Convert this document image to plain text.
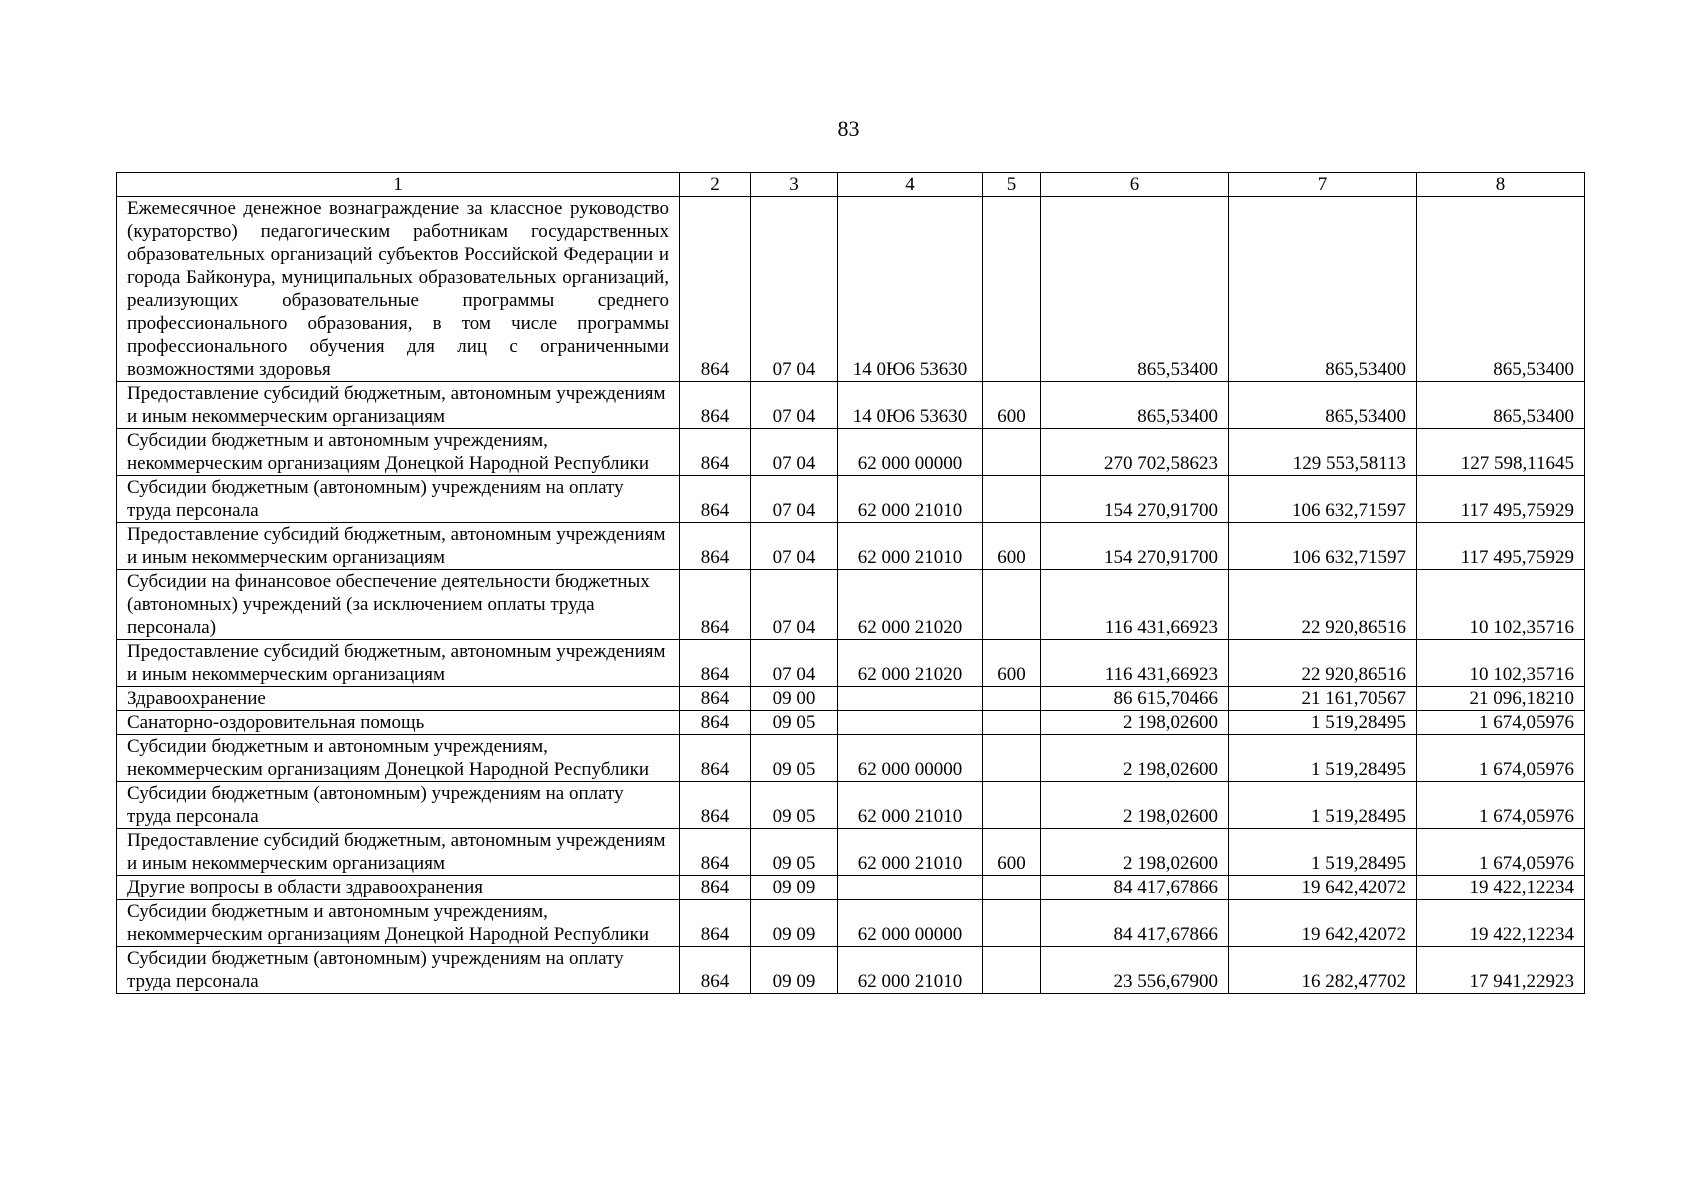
83
1	2	3	4	5	6	7	8
Ежемесячное денежное вознаграждение за классное руководство (кураторство) педагогическим работникам государственных образовательных организаций субъектов Российской Федерации и города Байконура, муниципальных образовательных организаций, реализующих образовательные программы среднего профессионального образования, в том числе программы профессионального обучения для лиц с ограниченными возможностями здоровья	864	07 04	14 0Ю6 53630		865,53400	865,53400	865,53400
Предоставление субсидий бюджетным, автономным учреждениям и иным некоммерческим организациям	864	07 04	14 0Ю6 53630	600	865,53400	865,53400	865,53400
Субсидии бюджетным и автономным учреждениям, некоммерческим организациям Донецкой Народной Республики	864	07 04	62 000 00000		270 702,58623	129 553,58113	127 598,11645
Субсидии бюджетным (автономным) учреждениям на оплату труда персонала	864	07 04	62 000 21010		154 270,91700	106 632,71597	117 495,75929
Предоставление субсидий бюджетным, автономным учреждениям и иным некоммерческим организациям	864	07 04	62 000 21010	600	154 270,91700	106 632,71597	117 495,75929
Субсидии на финансовое обеспечение деятельности бюджетных (автономных) учреждений (за исключением оплаты труда персонала)	864	07 04	62 000 21020		116 431,66923	22 920,86516	10 102,35716
Предоставление субсидий бюджетным, автономным учреждениям и иным некоммерческим организациям	864	07 04	62 000 21020	600	116 431,66923	22 920,86516	10 102,35716
Здравоохранение	864	09 00			86 615,70466	21 161,70567	21 096,18210
Санаторно-оздоровительная помощь	864	09 05			2 198,02600	1 519,28495	1 674,05976
Субсидии бюджетным и автономным учреждениям, некоммерческим организациям Донецкой Народной Республики	864	09 05	62 000 00000		2 198,02600	1 519,28495	1 674,05976
Субсидии бюджетным (автономным) учреждениям на оплату труда персонала	864	09 05	62 000 21010		2 198,02600	1 519,28495	1 674,05976
Предоставление субсидий бюджетным, автономным учреждениям и иным некоммерческим организациям	864	09 05	62 000 21010	600	2 198,02600	1 519,28495	1 674,05976
Другие вопросы в области здравоохранения	864	09 09			84 417,67866	19 642,42072	19 422,12234
Субсидии бюджетным и автономным учреждениям, некоммерческим организациям Донецкой Народной Республики	864	09 09	62 000 00000		84 417,67866	19 642,42072	19 422,12234
Субсидии бюджетным (автономным) учреждениям на оплату труда персонала	864	09 09	62 000 21010		23 556,67900	16 282,47702	17 941,22923
